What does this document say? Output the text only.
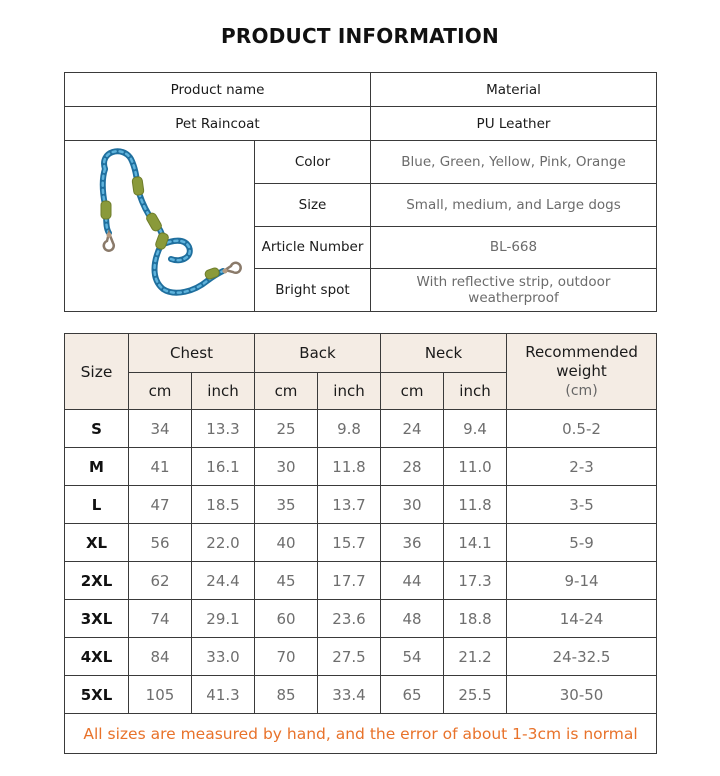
PRODUCT INFORMATION
Product name		Material
Pet Raincoat		PU Leather
	Color	Blue, Green, Yellow, Pink, Orange
	Size	Small, medium, and Large dogs
	Article Number	BL-668
	Bright spot	With reflective strip, outdoor weatherproof
Size	Chest		Back		Neck		Recommended weight
(cm)
	cm	inch	cm	inch	cm	inch	
S	34	13.3	25	9.8	24	9.4	0.5-2
M	41	16.1	30	11.8	28	11.0	2-3
L	47	18.5	35	13.7	30	11.8	3-5
XL	56	22.0	40	15.7	36	14.1	5-9
2XL	62	24.4	45	17.7	44	17.3	9-14
3XL	74	29.1	60	23.6	48	18.8	14-24
4XL	84	33.0	70	27.5	54	21.2	24-32.5
5XL	105	41.3	85	33.4	65	25.5	30-50
All sizes are measured by hand, and the error of about 1-3cm is normal							
